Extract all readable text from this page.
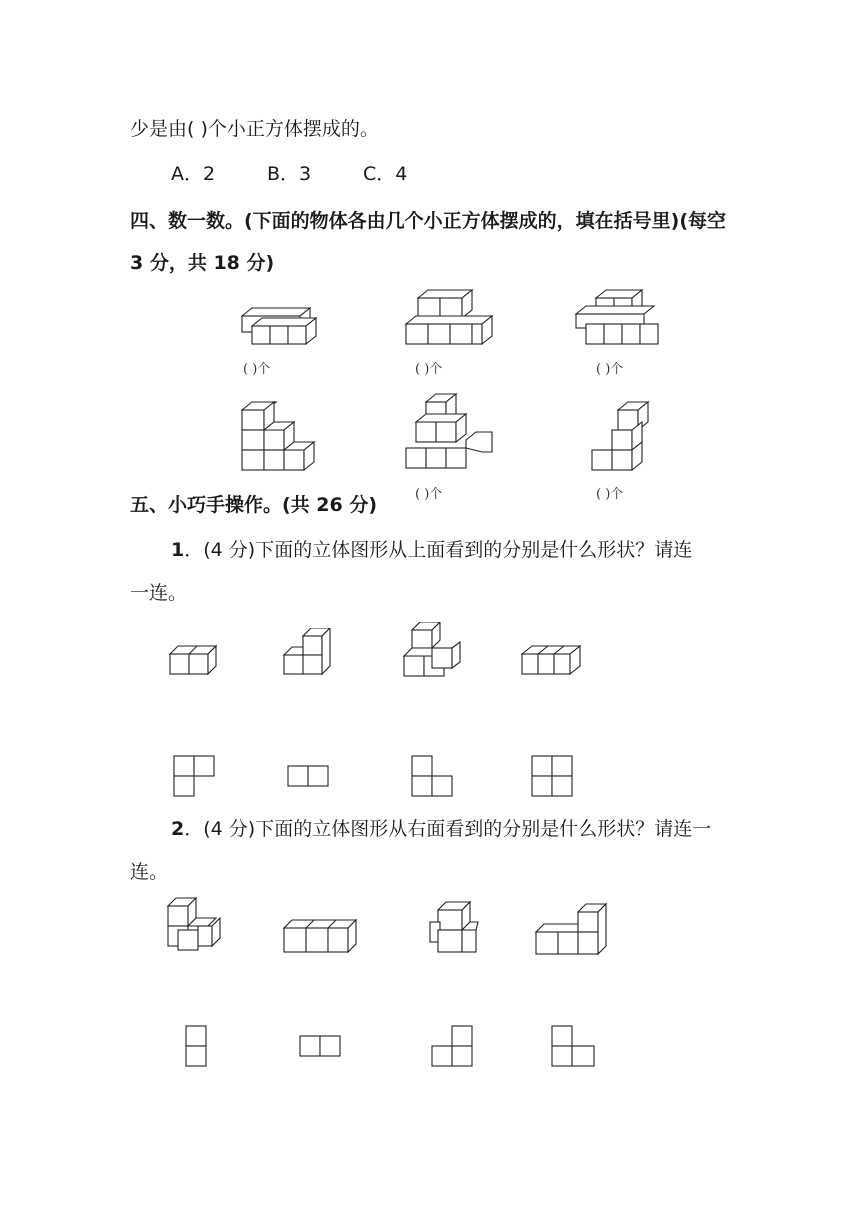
少是由( )个小正方体摆成的。
A．2	B．3	C．4
四、数一数。(下面的物体各由几个小正方体摆成的，填在括号里)(每空
3 分，共 18 分)
( )个	( )个	( )个
( )个	( )个
五、小巧手操作。(共 26 分)
1．(4 分)下面的立体图形从上面看到的分别是什么形状？请连
一连。
2．(4 分)下面的立体图形从右面看到的分别是什么形状？请连一
连。
